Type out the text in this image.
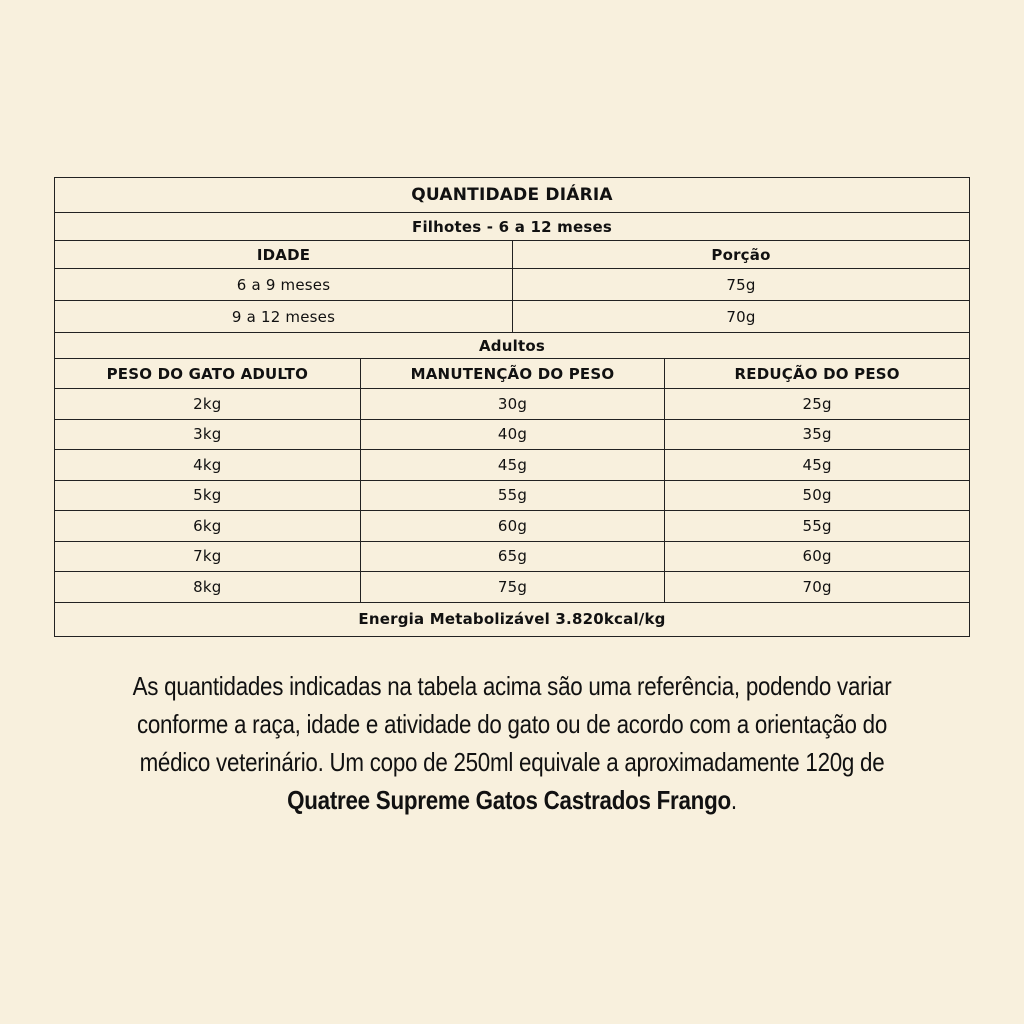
QUANTIDADE DIÁRIA
Filhotes - 6 a 12 meses
IDADE	Porção
6 a 9 meses	75g
9 a 12 meses	70g
Adultos
PESO DO GATO ADULTO	MANUTENÇÃO DO PESO	REDUÇÃO DO PESO
2kg	30g	25g
3kg	40g	35g
4kg	45g	45g
5kg	55g	50g
6kg	60g	55g
7kg	65g	60g
8kg	75g	70g
Energia Metabolizável 3.820kcal/kg
As quantidades indicadas na tabela acima são uma referência, podendo variar
conforme a raça, idade e atividade do gato ou de acordo com a orientação do
médico veterinário. Um copo de 250ml equivale a aproximadamente 120g de
Quatree Supreme Gatos Castrados Frango.
